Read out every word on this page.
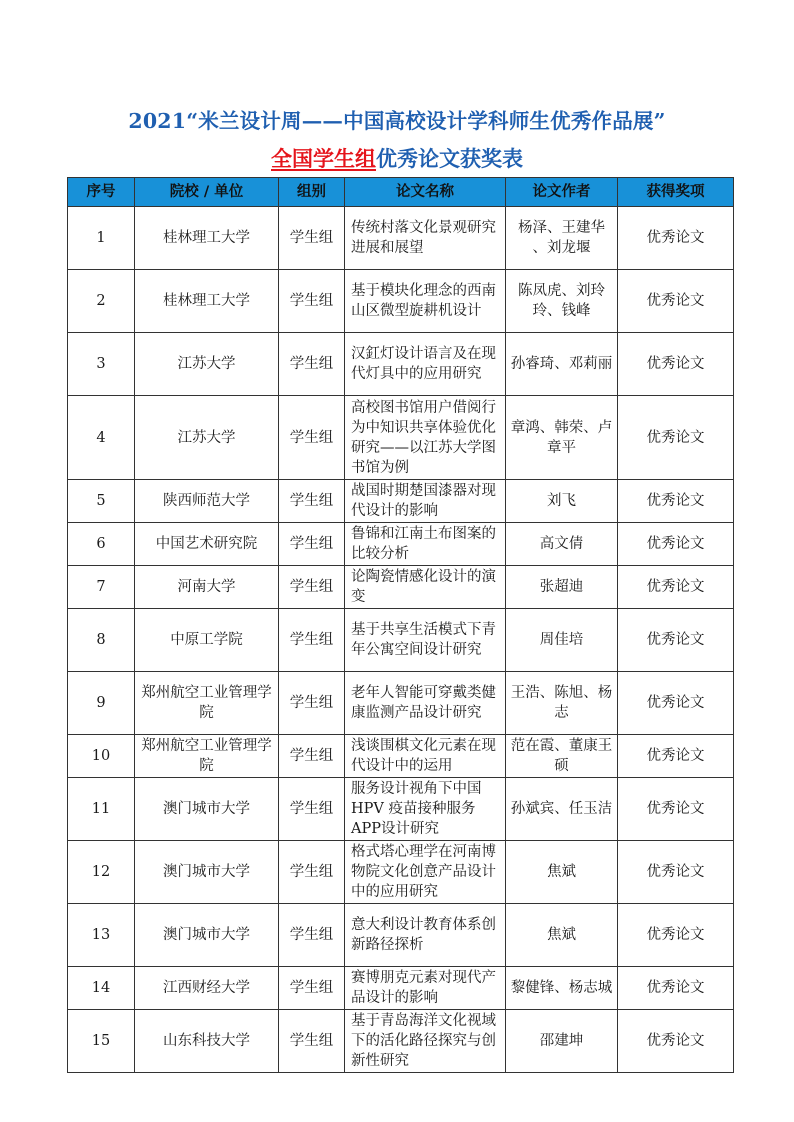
2021“米兰设计周——中国高校设计学科师生优秀作品展”
全国学生组优秀论文获奖表
序号	院校 / 单位	组别	论文名称	论文作者	获得奖项
1	桂林理工大学	学生组	传统村落文化景观研究进展和展望	杨泽、王建华 、刘龙堰	优秀论文
2	桂林理工大学	学生组	基于模块化理念的西南山区微型旋耕机设计	陈凤虎、刘玲玲、钱峰	优秀论文
3	江苏大学	学生组	汉釭灯设计语言及在现代灯具中的应用研究	孙睿琦、邓莉丽	优秀论文
4	江苏大学	学生组	高校图书馆用户借阅行为中知识共享体验优化研究——以江苏大学图书馆为例	章鸿、韩荣、卢章平	优秀论文
5	陕西师范大学	学生组	战国时期楚国漆器对现代设计的影响	刘飞	优秀论文
6	中国艺术研究院	学生组	鲁锦和江南土布图案的比较分析	高文倩	优秀论文
7	河南大学	学生组	论陶瓷情感化设计的演变	张超迪	优秀论文
8	中原工学院	学生组	基于共享生活模式下青年公寓空间设计研究	周佳培	优秀论文
9	郑州航空工业管理学院	学生组	老年人智能可穿戴类健康监测产品设计研究	王浩、陈旭、杨志	优秀论文
10	郑州航空工业管理学院	学生组	浅谈围棋文化元素在现代设计中的运用	范在霞、董康王硕	优秀论文
11	澳门城市大学	学生组	服务设计视角下中国HPV 疫苗接种服务APP设计研究	孙斌宾、任玉洁	优秀论文
12	澳门城市大学	学生组	格式塔心理学在河南博物院文化创意产品设计中的应用研究	焦斌	优秀论文
13	澳门城市大学	学生组	意大利设计教育体系创新路径探析	焦斌	优秀论文
14	江西财经大学	学生组	赛博朋克元素对现代产品设计的影响	黎健锋、杨志城	优秀论文
15	山东科技大学	学生组	基于青岛海洋文化视域下的活化路径探究与创新性研究	邵建坤	优秀论文
